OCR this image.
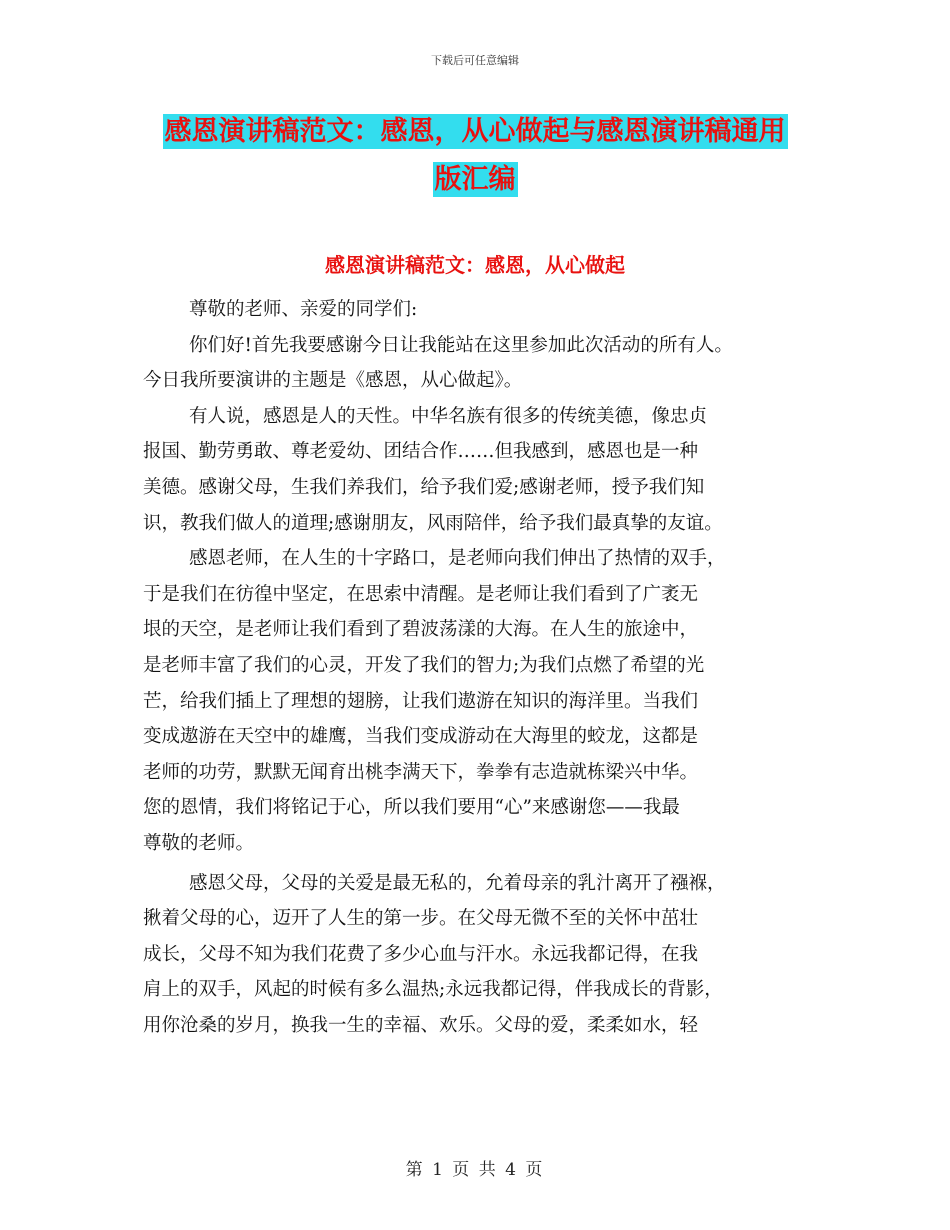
下载后可任意编辑
感恩演讲稿范文：感恩，从心做起与感恩演讲稿通用
版汇编
感恩演讲稿范文：感恩，从心做起
尊敬的老师、亲爱的同学们:
你们好!首先我要感谢今日让我能站在这里参加此次活动的所有人。
今日我所要演讲的主题是《感恩，从心做起》。
有人说，感恩是人的天性。中华名族有很多的传统美德，像忠贞
报国、勤劳勇敢、尊老爱幼、团结合作……但我感到，感恩也是一种
美德。感谢父母，生我们养我们，给予我们爱;感谢老师，授予我们知
识，教我们做人的道理;感谢朋友，风雨陪伴，给予我们最真挚的友谊。
感恩老师，在人生的十字路口，是老师向我们伸出了热情的双手，
于是我们在彷徨中坚定，在思索中清醒。是老师让我们看到了广袤无
垠的天空，是老师让我们看到了碧波荡漾的大海。在人生的旅途中，
是老师丰富了我们的心灵，开发了我们的智力;为我们点燃了希望的光
芒，给我们插上了理想的翅膀，让我们遨游在知识的海洋里。当我们
变成遨游在天空中的雄鹰，当我们变成游动在大海里的蛟龙，这都是
老师的功劳，默默无闻育出桃李满天下，拳拳有志造就栋梁兴中华。
您的恩情，我们将铭记于心，所以我们要用“心”来感谢您——我最
尊敬的老师。
感恩父母，父母的关爱是最无私的，允着母亲的乳汁离开了襁褓，
揪着父母的心，迈开了人生的第一步。在父母无微不至的关怀中茁壮
成长，父母不知为我们花费了多少心血与汗水。永远我都记得，在我
肩上的双手，风起的时候有多么温热;永远我都记得，伴我成长的背影，
用你沧桑的岁月，换我一生的幸福、欢乐。父母的爱，柔柔如水，轻
第 1 页 共 4 页
